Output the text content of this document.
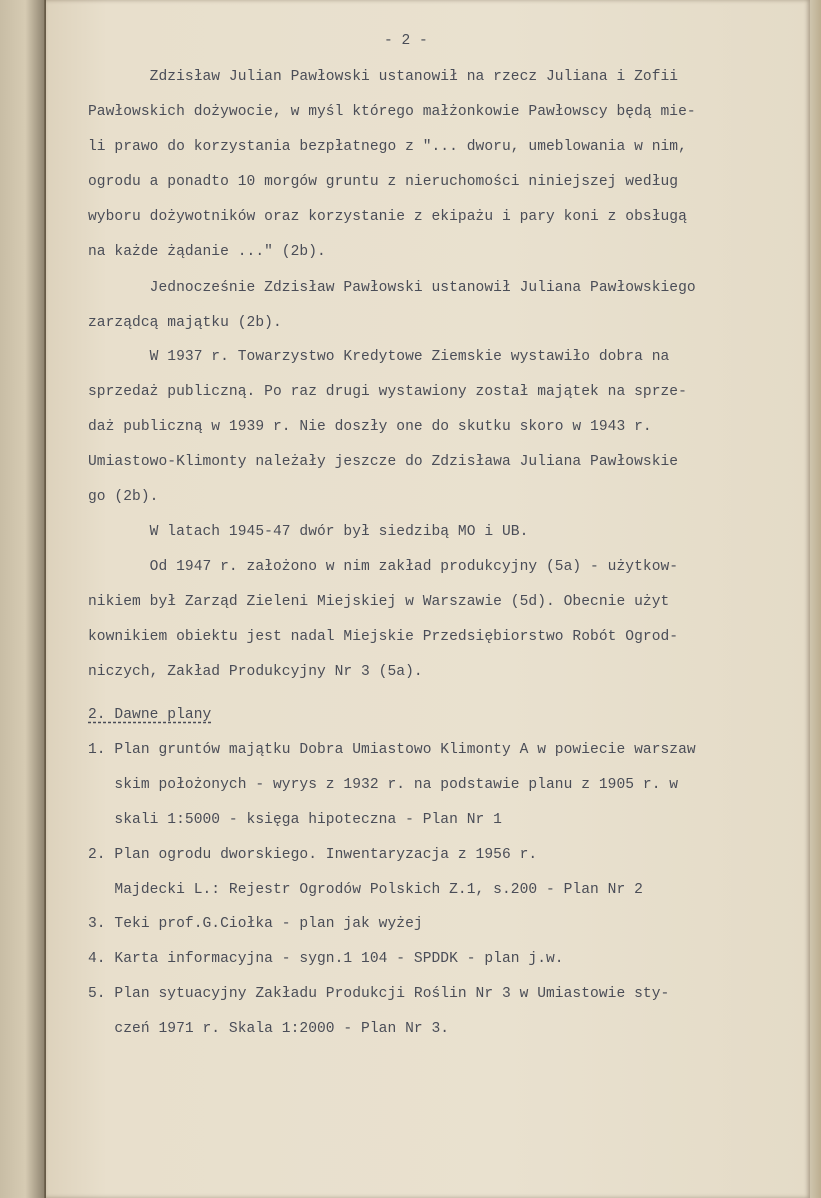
- 2 -

Zdzisław Julian Pawłowski ustanowił na rzecz Juliana i Zofii

Pawłowskich dożywocie, w myśl którego małżonkowie Pawłowscy będą mie-

li prawo do korzystania bezpłatnego z "... dworu, umeblowania w nim,

ogrodu a ponadto 10 morgów gruntu z nieruchomości niniejszej według

wyboru dożywotników oraz korzystanie z ekipażu i pary koni z obsługą

na każde żądanie ..." (2b).

Jednocześnie Zdzisław Pawłowski ustanowił Juliana Pawłowskiego

zarządcą majątku (2b).

W 1937 r. Towarzystwo Kredytowe Ziemskie wystawiło dobra na

sprzedaż publiczną. Po raz drugi wystawiony został majątek na sprze-

daż publiczną w 1939 r. Nie doszły one do skutku skoro w 1943 r.

Umiastowo-Klimonty należały jeszcze do Zdzisława Juliana Pawłowskie

go (2b).

W latach 1945-47 dwór był siedzibą MO i UB.

Od 1947 r. założono w nim zakład produkcyjny (5a) - użytkow-

nikiem był Zarząd Zieleni Miejskiej w Warszawie (5d). Obecnie użyt

kownikiem obiektu jest nadal Miejskie Przedsiębiorstwo Robót Ogrod-

niczych, Zakład Produkcyjny Nr 3 (5a).

2. Dawne plany

1. Plan gruntów majątku Dobra Umiastowo Klimonty A w powiecie warszaw

skim położonych - wyrys z 1932 r. na podstawie planu z 1905 r. w

skali 1:5000 - księga hipoteczna - Plan Nr 1

2. Plan ogrodu dworskiego. Inwentaryzacja z 1956 r.

Majdecki L.: Rejestr Ogrodów Polskich Z.1, s.200 - Plan Nr 2

3. Teki prof.G.Ciołka - plan jak wyżej

4. Karta informacyjna - sygn.1 104 - SPDDK - plan j.w.

5. Plan sytuacyjny Zakładu Produkcji Roślin Nr 3 w Umiastowie sty-

czeń 1971 r. Skala 1:2000 - Plan Nr 3.
